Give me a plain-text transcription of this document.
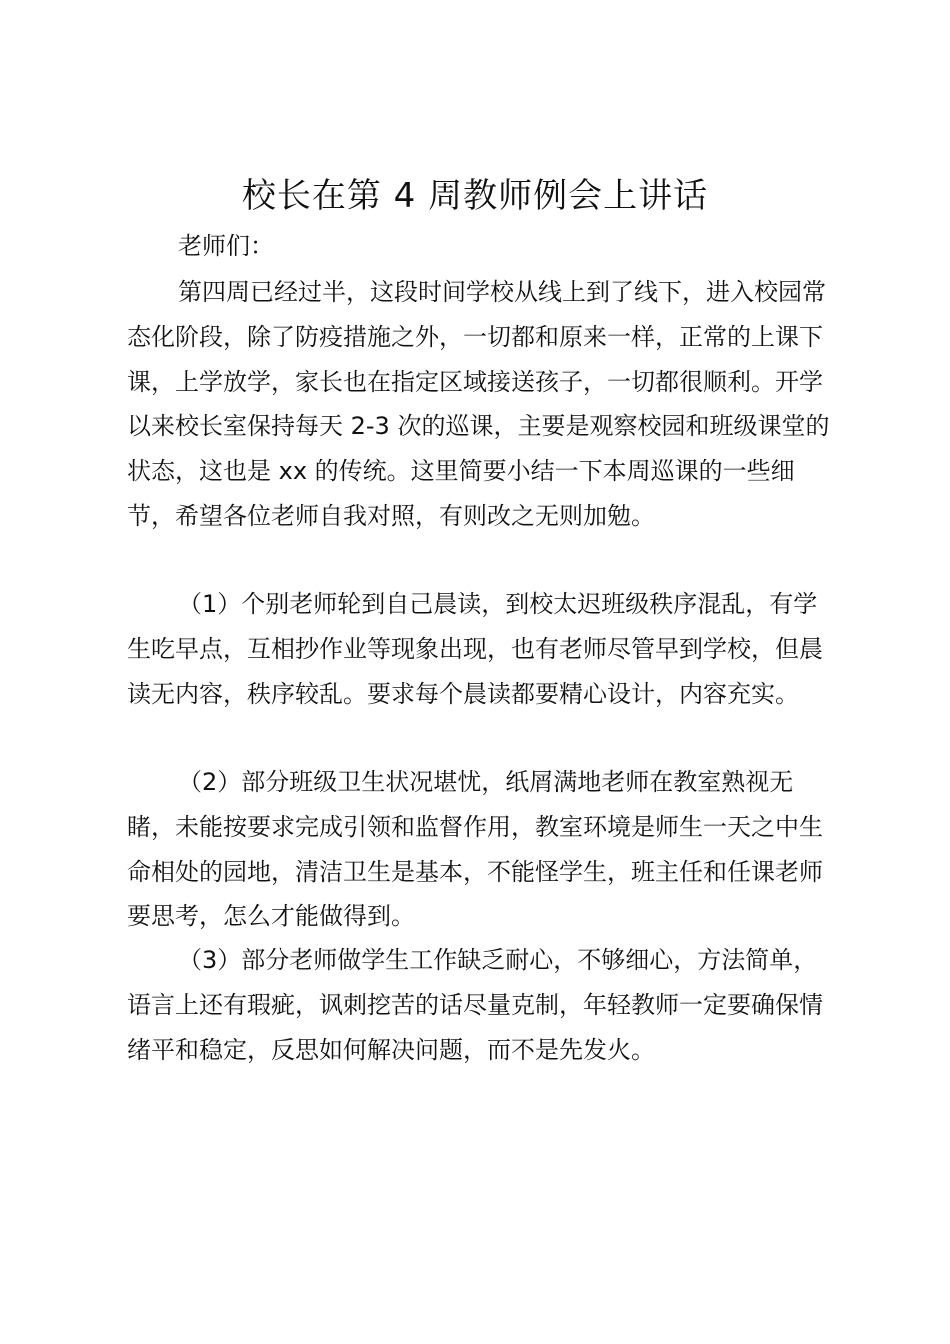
校长在第 4 周教师例会上讲话
老师们：

第四周已经过半，这段时间学校从线上到了线下，进入校园常态化阶段，除了防疫措施之外，一切都和原来一样，正常的上课下课，上学放学，家长也在指定区域接送孩子，一切都很顺利。开学以来校长室保持每天 2-3 次的巡课，主要是观察校园和班级课堂的状态，这也是 xx 的传统。这里简要小结一下本周巡课的一些细节，希望各位老师自我对照，有则改之无则加勉。

（1）个别老师轮到自己晨读，到校太迟班级秩序混乱，有学生吃早点，互相抄作业等现象出现，也有老师尽管早到学校，但晨读无内容，秩序较乱。要求每个晨读都要精心设计，内容充实。

（2）部分班级卫生状况堪忧，纸屑满地老师在教室熟视无睹，未能按要求完成引领和监督作用，教室环境是师生一天之中生命相处的园地，清洁卫生是基本，不能怪学生，班主任和任课老师要思考，怎么才能做得到。

（3）部分老师做学生工作缺乏耐心，不够细心，方法简单，语言上还有瑕疵，讽刺挖苦的话尽量克制，年轻教师一定要确保情绪平和稳定，反思如何解决问题，而不是先发火。
